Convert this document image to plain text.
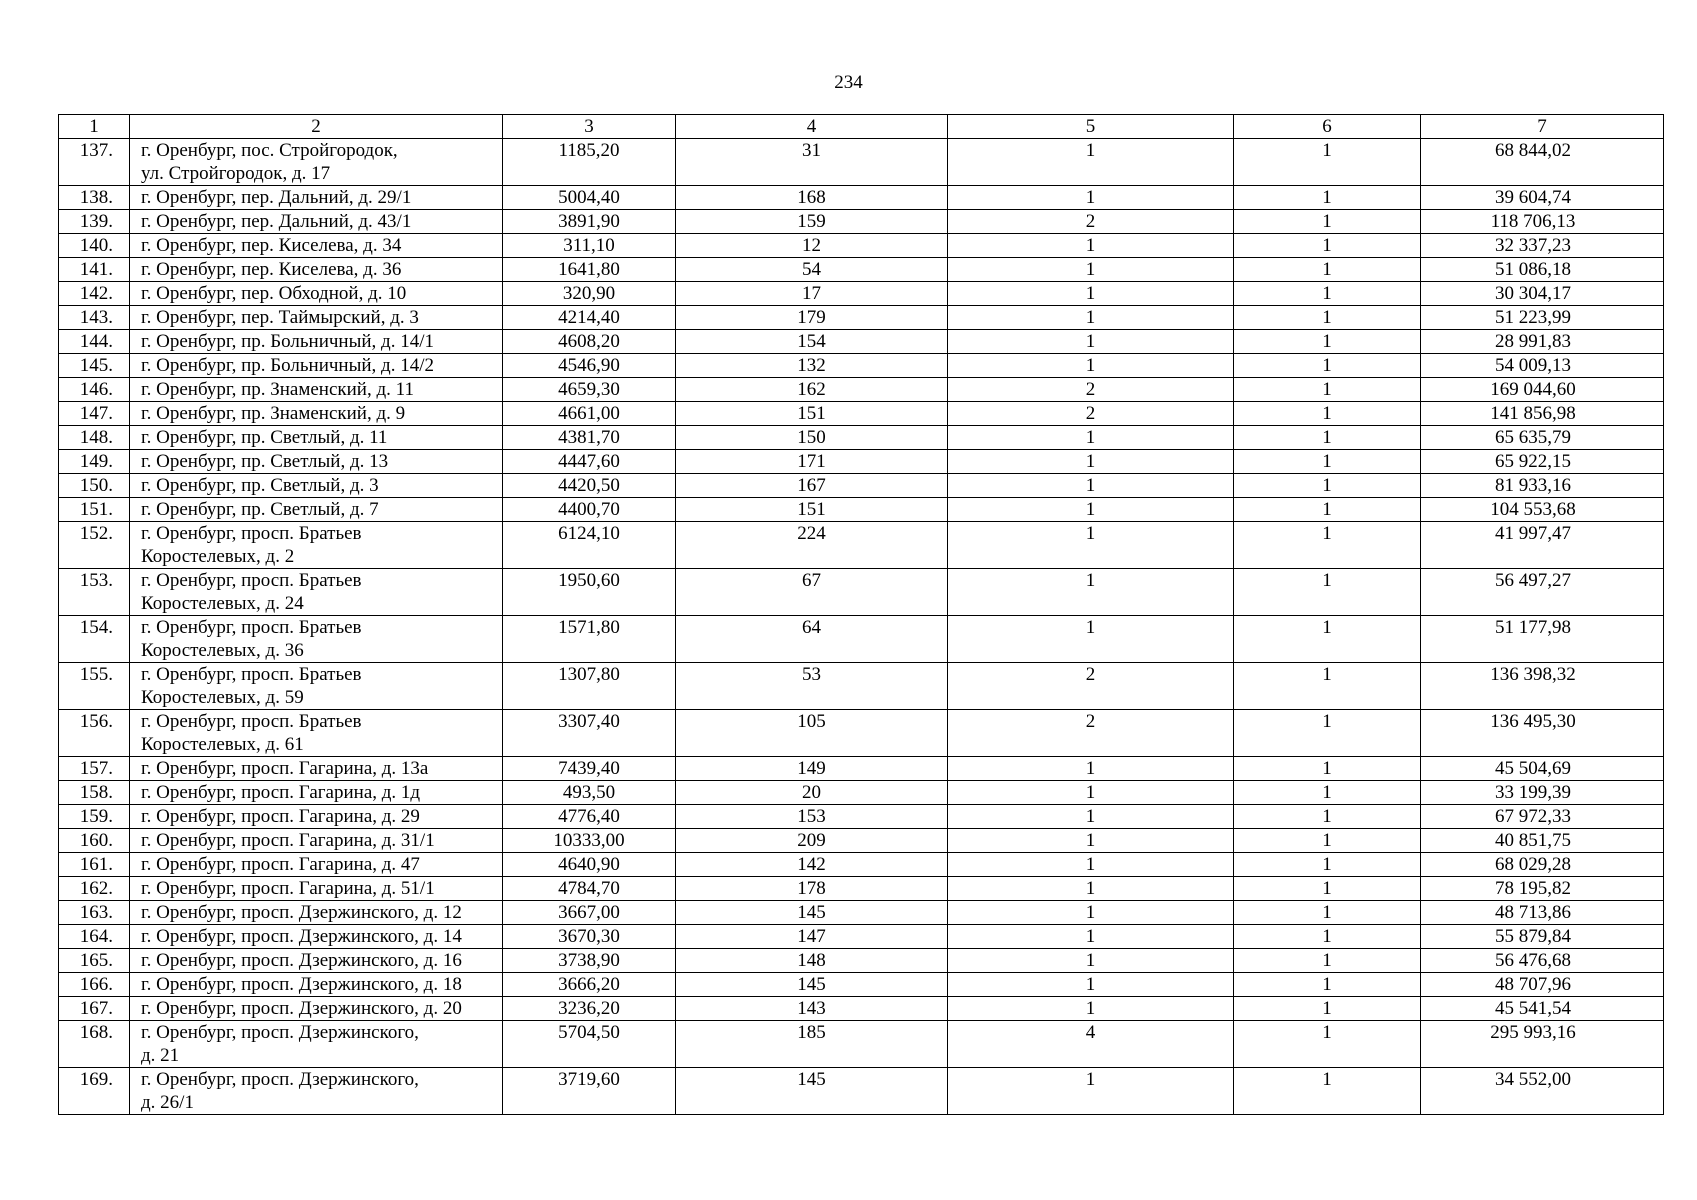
234
1	2	3	4	5	6	7
137.	г. Оренбург, пос. Стройгородок,
ул. Стройгородок, д. 17	1185,20	31	1	1	68 844,02
138.	г. Оренбург, пер. Дальний, д. 29/1	5004,40	168	1	1	39 604,74
139.	г. Оренбург, пер. Дальний, д. 43/1	3891,90	159	2	1	118 706,13
140.	г. Оренбург, пер. Киселева, д. 34	311,10	12	1	1	32 337,23
141.	г. Оренбург, пер. Киселева, д. 36	1641,80	54	1	1	51 086,18
142.	г. Оренбург, пер. Обходной, д. 10	320,90	17	1	1	30 304,17
143.	г. Оренбург, пер. Таймырский, д. 3	4214,40	179	1	1	51 223,99
144.	г. Оренбург, пр. Больничный, д. 14/1	4608,20	154	1	1	28 991,83
145.	г. Оренбург, пр. Больничный, д. 14/2	4546,90	132	1	1	54 009,13
146.	г. Оренбург, пр. Знаменский, д. 11	4659,30	162	2	1	169 044,60
147.	г. Оренбург, пр. Знаменский, д. 9	4661,00	151	2	1	141 856,98
148.	г. Оренбург, пр. Светлый, д. 11	4381,70	150	1	1	65 635,79
149.	г. Оренбург, пр. Светлый, д. 13	4447,60	171	1	1	65 922,15
150.	г. Оренбург, пр. Светлый, д. 3	4420,50	167	1	1	81 933,16
151.	г. Оренбург, пр. Светлый, д. 7	4400,70	151	1	1	104 553,68
152.	г. Оренбург, просп. Братьев
Коростелевых, д. 2	6124,10	224	1	1	41 997,47
153.	г. Оренбург, просп. Братьев
Коростелевых, д. 24	1950,60	67	1	1	56 497,27
154.	г. Оренбург, просп. Братьев
Коростелевых, д. 36	1571,80	64	1	1	51 177,98
155.	г. Оренбург, просп. Братьев
Коростелевых, д. 59	1307,80	53	2	1	136 398,32
156.	г. Оренбург, просп. Братьев
Коростелевых, д. 61	3307,40	105	2	1	136 495,30
157.	г. Оренбург, просп. Гагарина, д. 13а	7439,40	149	1	1	45 504,69
158.	г. Оренбург, просп. Гагарина, д. 1д	493,50	20	1	1	33 199,39
159.	г. Оренбург, просп. Гагарина, д. 29	4776,40	153	1	1	67 972,33
160.	г. Оренбург, просп. Гагарина, д. 31/1	10333,00	209	1	1	40 851,75
161.	г. Оренбург, просп. Гагарина, д. 47	4640,90	142	1	1	68 029,28
162.	г. Оренбург, просп. Гагарина, д. 51/1	4784,70	178	1	1	78 195,82
163.	г. Оренбург, просп. Дзержинского, д. 12	3667,00	145	1	1	48 713,86
164.	г. Оренбург, просп. Дзержинского, д. 14	3670,30	147	1	1	55 879,84
165.	г. Оренбург, просп. Дзержинского, д. 16	3738,90	148	1	1	56 476,68
166.	г. Оренбург, просп. Дзержинского, д. 18	3666,20	145	1	1	48 707,96
167.	г. Оренбург, просп. Дзержинского, д. 20	3236,20	143	1	1	45 541,54
168.	г. Оренбург, просп. Дзержинского,
д. 21	5704,50	185	4	1	295 993,16
169.	г. Оренбург, просп. Дзержинского,
д. 26/1	3719,60	145	1	1	34 552,00
